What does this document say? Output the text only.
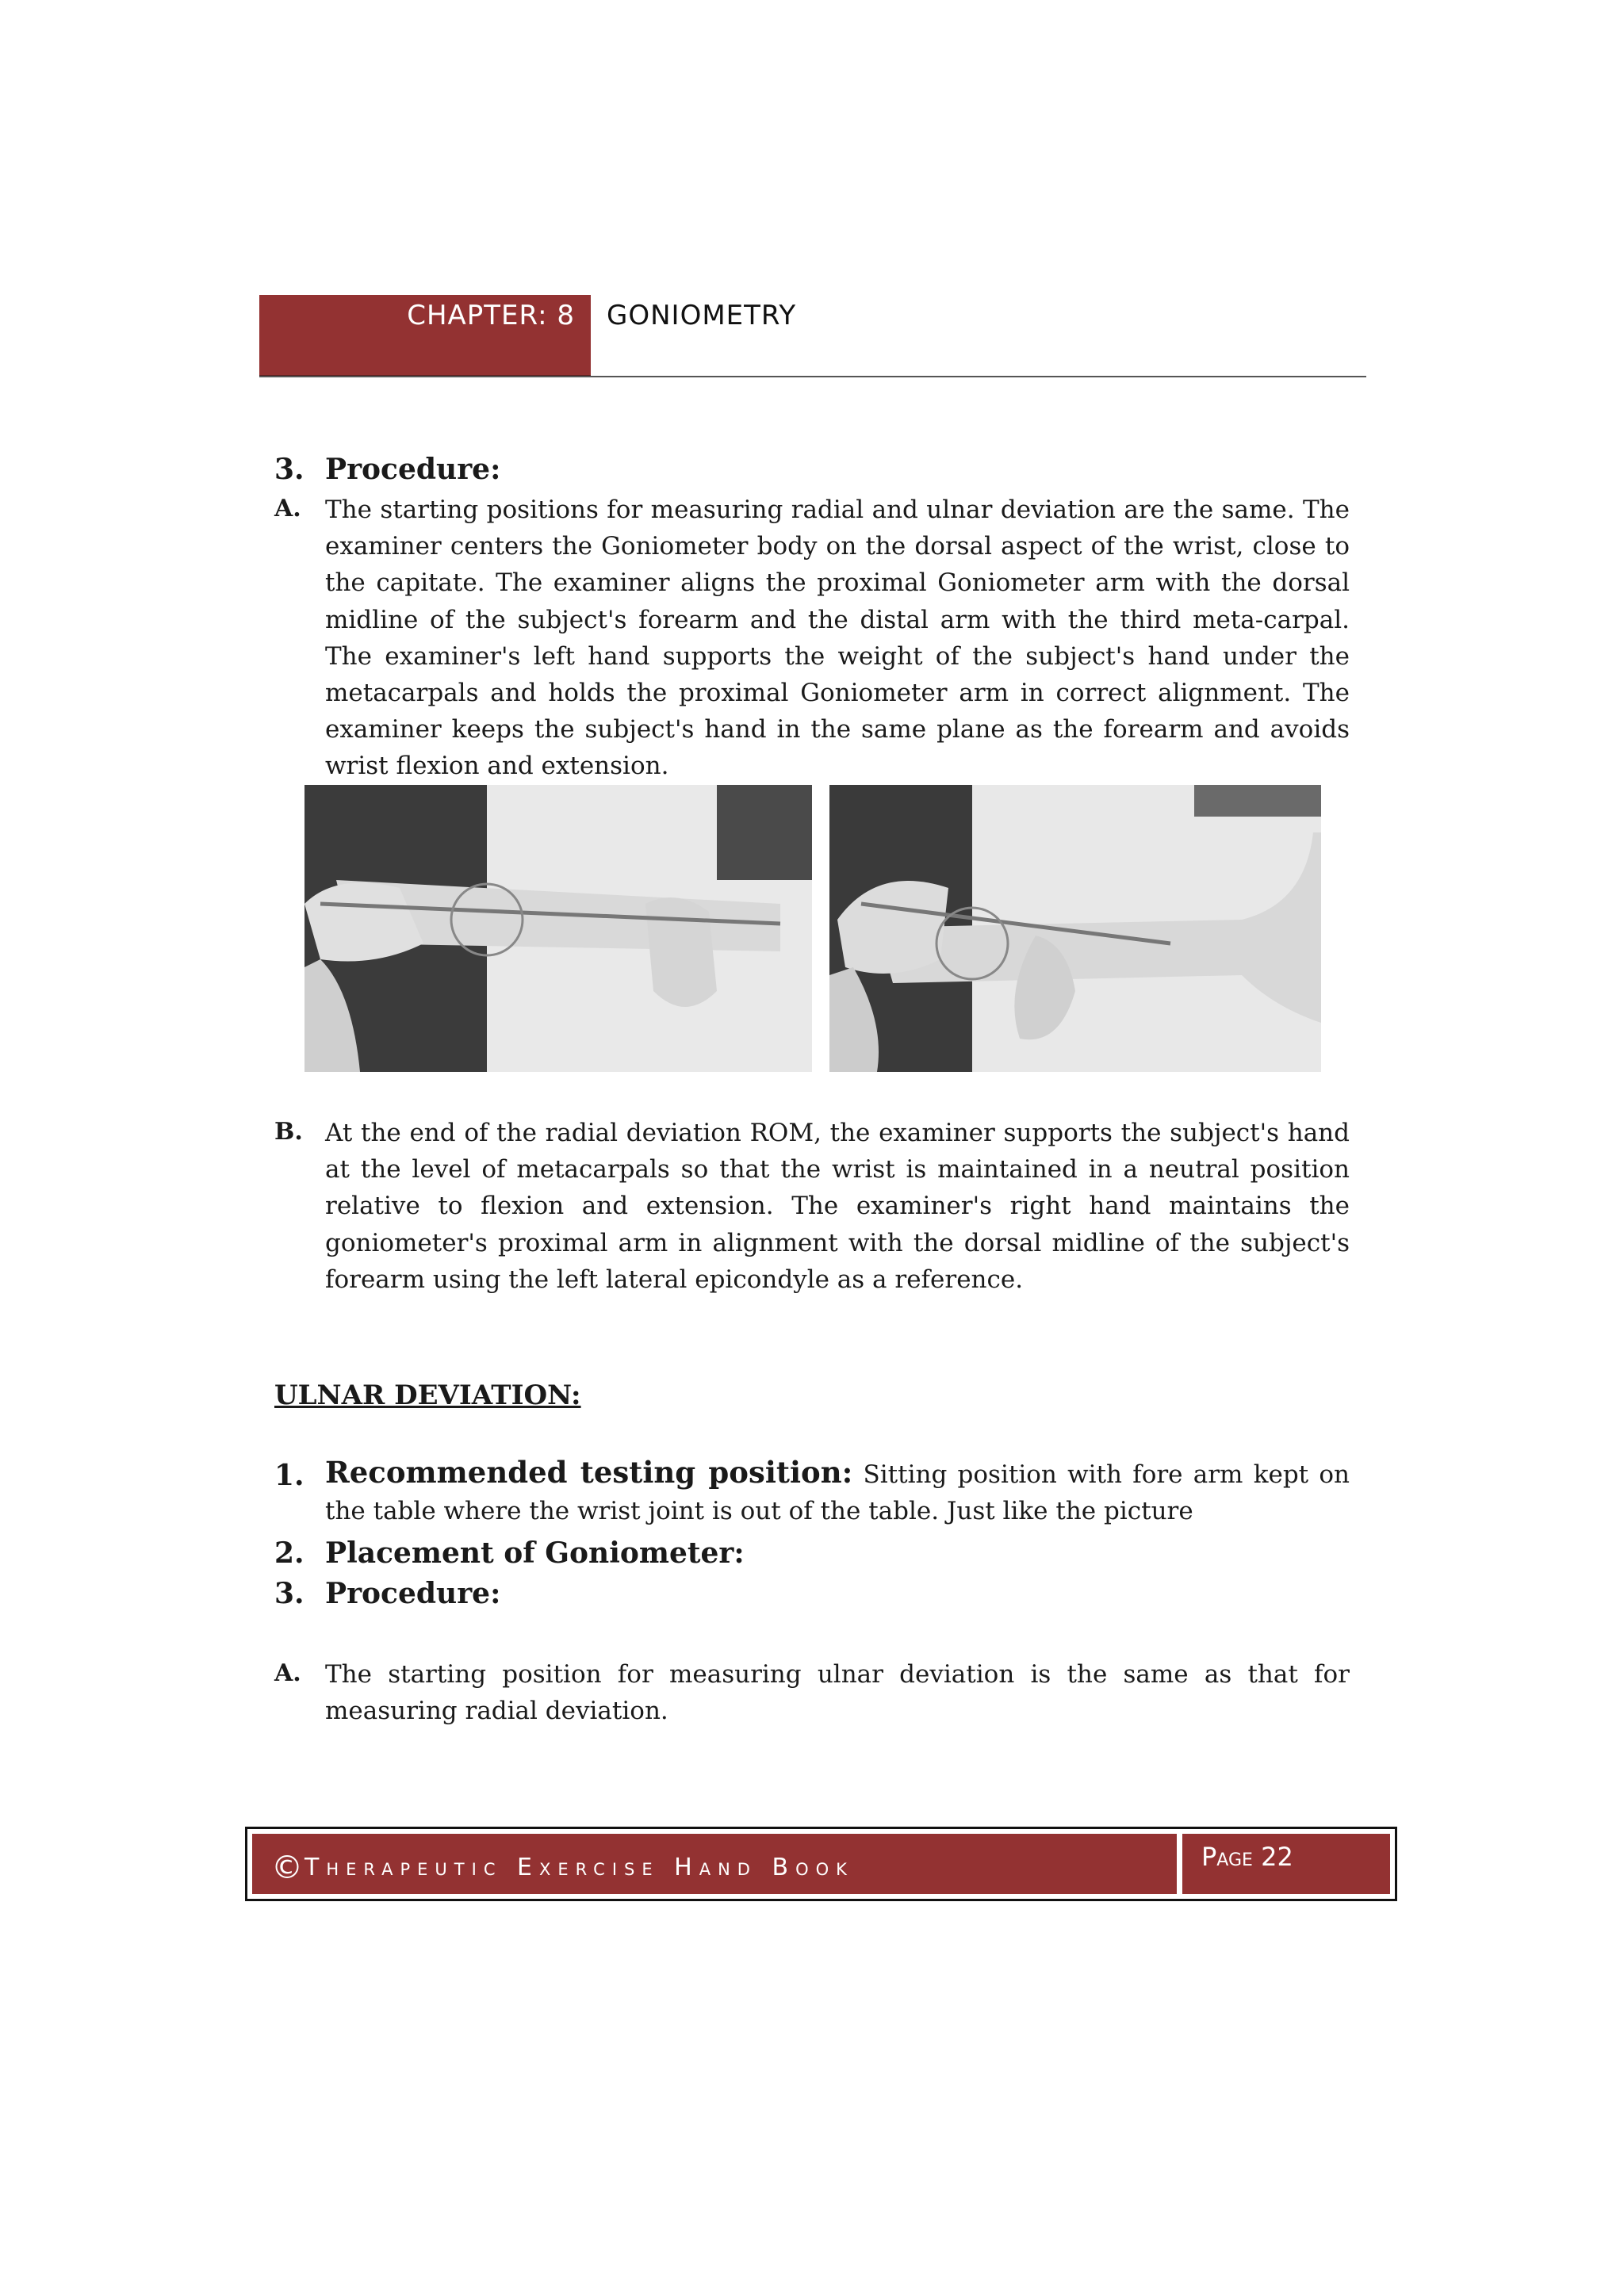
CHAPTER: 8 GONIOMETRY
3. Procedure:
A. The starting positions for measuring radial and ulnar deviation are the same. The examiner centers the Goniometer body on the dorsal aspect of the wrist, close to the capitate. The examiner aligns the proximal Goniometer arm with the dorsal midline of the subject's forearm and the distal arm with the third meta-carpal. The examiner's left hand supports the weight of the subject's hand under the metacarpals and holds the proximal Goniometer arm in correct alignment. The examiner keeps the subject's hand in the same plane as the forearm and avoids wrist flexion and extension.

B. At the end of the radial deviation ROM, the examiner supports the subject's hand at the level of metacarpals so that the wrist is maintained in a neutral position relative to flexion and extension. The examiner's right hand maintains the goniometer's proximal arm in alignment with the dorsal midline of the subject's forearm using the left lateral epicondyle as a reference.

ULNAR DEVIATION:
1. Recommended testing position: Sitting position with fore arm kept on the table where the wrist joint is out of the table. Just like the picture

2. Placement of Goniometer:
3. Procedure:
A. The starting position for measuring ulnar deviation is the same as that for measuring radial deviation.

©Therapeutic Exercise Hand Book	Page 22
